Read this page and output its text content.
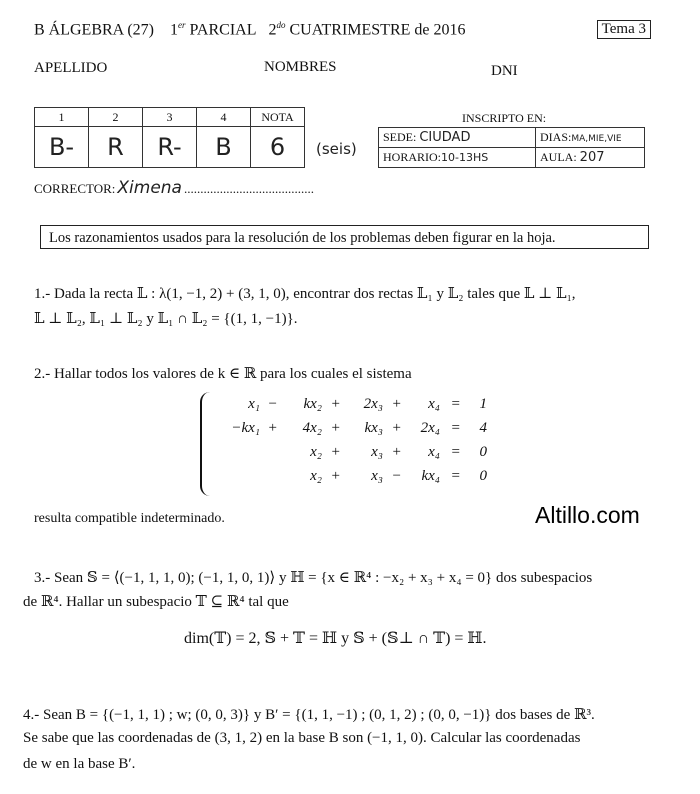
B ÁLGEBRA (27) 1er PARCIAL $2^{do}$ CUATRIMESTRE de 2016	Tema 3
APELLIDO	NOMBRES	DNI
1	2	3	4	NOTA
B-	R	R-	B	6 (seis)
INSCRIPTO EN:
SEDE: CIUDAD	DIAS:MA,MIE,VIE
HORARIO:10-13HS	AULA: 207
CORRECTOR: Ximena ........................................
Los razonamientos usados para la resolución de los problemas deben figurar en la hoja.
1.- Dada la recta 𝕃 : λ(1, −1, 2) + (3, 1, 0), encontrar dos rectas 𝕃₁ y 𝕃₂ tales que 𝕃 ⊥ 𝕃₁,
𝕃 ⊥ 𝕃₂, 𝕃₁ ⊥ 𝕃₂ y 𝕃₁ ∩ 𝕃₂ = {(1, 1, −1)}.
2.- Hallar todos los valores de k ∈ ℝ para los cuales el sistema
x₁ − kx₂ + 2x₃ + x₄ = 1
−kx₁ + 4x₂ + kx₃ + 2x₄ = 4
x₂ + x₃ + x₄ = 0
x₂ + x₃ − kx₄ = 0
resulta compatible indeterminado.	Altillo.com
3.- Sean 𝕊 = ⟨(−1, 1, 1, 0); (−1, 1, 0, 1)⟩ y ℍ = {x ∈ ℝ⁴ : −x₂ + x₃ + x₄ = 0} dos subespacios
de ℝ⁴. Hallar un subespacio 𝕋 ⊆ ℝ⁴ tal que
dim(𝕋) = 2, 𝕊 + 𝕋 = ℍ y 𝕊 + (𝕊⊥ ∩ 𝕋) = ℍ.
4.- Sean B = {(−1, 1, 1) ; w; (0, 0, 3)} y B′ = {(1, 1, −1) ; (0, 1, 2) ; (0, 0, −1)} dos bases de ℝ³.
Se sabe que las coordenadas de (3, 1, 2) en la base B son (−1, 1, 0). Calcular las coordenadas
de w en la base B′.
